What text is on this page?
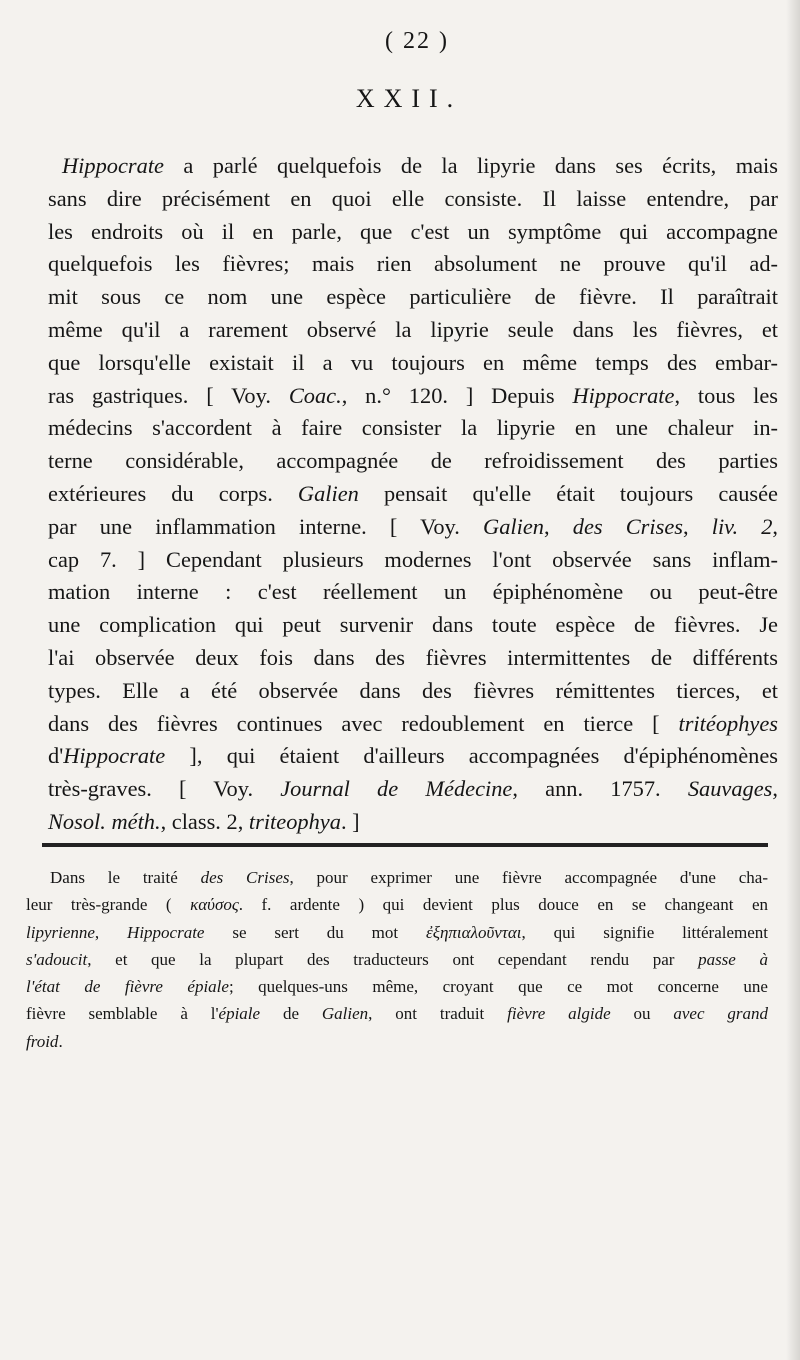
( 22 )
XXII.
Hippocrate a parlé quelquefois de la lipyrie dans ses écrits, mais
sans dire précisément en quoi elle consiste. Il laisse entendre, par
les endroits où il en parle, que c'est un symptôme qui accompagne
quelquefois les fièvres; mais rien absolument ne prouve qu'il ad-
mit sous ce nom une espèce particulière de fièvre. Il paraîtrait
même qu'il a rarement observé la lipyrie seule dans les fièvres, et
que lorsqu'elle existait il a vu toujours en même temps des embar-
ras gastriques. [ Voy. Coac., n.° 120. ] Depuis Hippocrate, tous les
médecins s'accordent à faire consister la lipyrie en une chaleur in-
terne considérable, accompagnée de refroidissement des parties
extérieures du corps. Galien pensait qu'elle était toujours causée
par une inflammation interne. [ Voy. Galien, des Crises, liv. 2,
cap 7. ] Cependant plusieurs modernes l'ont observée sans inflam-
mation interne : c'est réellement un épiphénomène ou peut-être
une complication qui peut survenir dans toute espèce de fièvres. Je
l'ai observée deux fois dans des fièvres intermittentes de différents
types. Elle a été observée dans des fièvres rémittentes tierces, et
dans des fièvres continues avec redoublement en tierce [ tritéophyes
d'Hippocrate ], qui étaient d'ailleurs accompagnées d'épiphénomènes
très-graves. [ Voy. Journal de Médecine, ann. 1757. Sauvages,
Nosol. méth., class. 2, triteophya. ]
Dans le traité des Crises, pour exprimer une fièvre accompagnée d'une cha-
leur très-grande ( καύσος. f. ardente ) qui devient plus douce en se changeant en
lipyrienne, Hippocrate se sert du mot ἐξηπιαλοῦνται, qui signifie littéralement
s'adoucit, et que la plupart des traducteurs ont cependant rendu par passe à
l'état de fièvre épiale; quelques-uns même, croyant que ce mot concerne une
fièvre semblable à l'épiale de Galien, ont traduit fièvre algide ou avec grand
froid.
